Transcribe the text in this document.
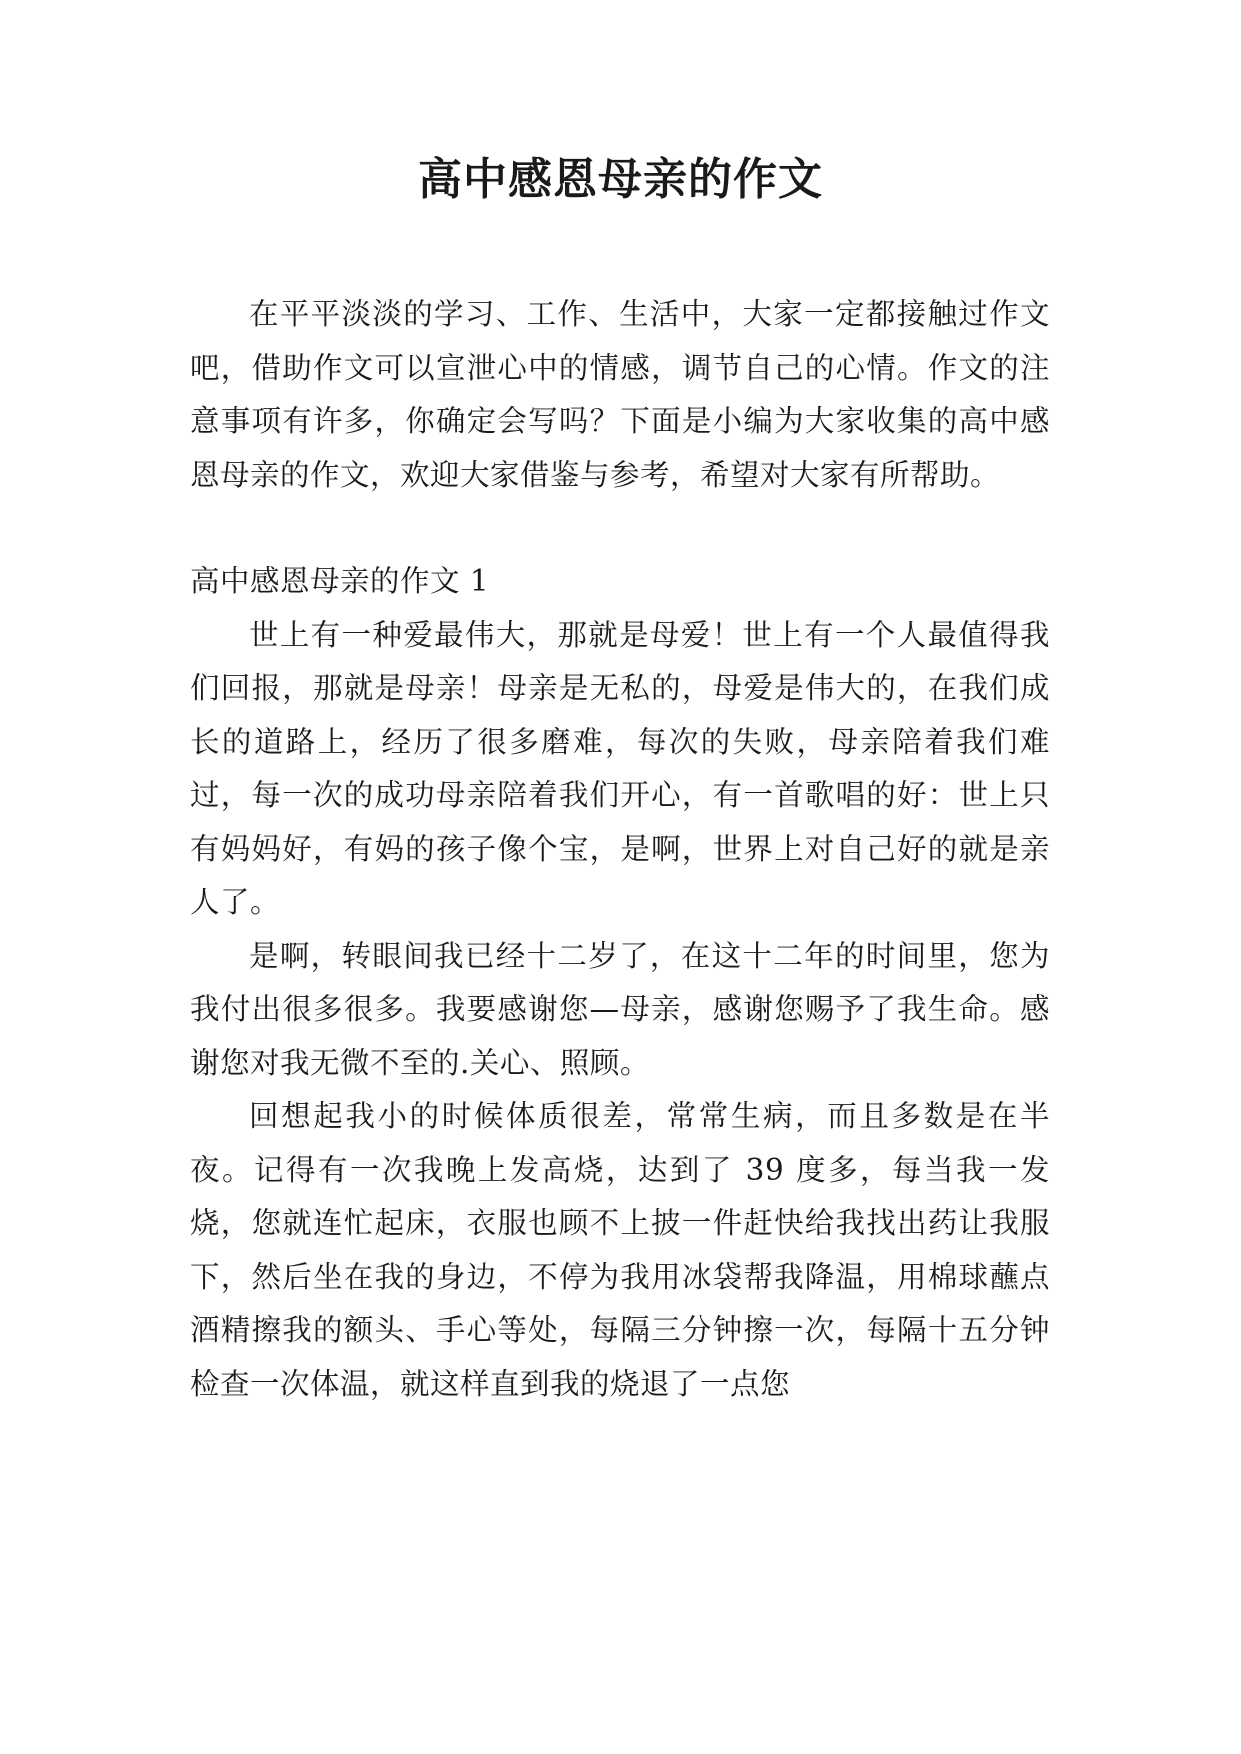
高中感恩母亲的作文

在平平淡淡的学习、工作、生活中，大家一定都接触过作文吧，借助作文可以宣泄心中的情感，调节自己的心情。作文的注意事项有许多，你确定会写吗？下面是小编为大家收集的高中感恩母亲的作文，欢迎大家借鉴与参考，希望对大家有所帮助。

高中感恩母亲的作文 1

世上有一种爱最伟大，那就是母爱！世上有一个人最值得我们回报，那就是母亲！母亲是无私的，母爱是伟大的，在我们成长的道路上，经历了很多磨难，每次的失败，母亲陪着我们难过，每一次的成功母亲陪着我们开心，有一首歌唱的好：世上只有妈妈好，有妈的孩子像个宝，是啊，世界上对自己好的就是亲人了。

是啊，转眼间我已经十二岁了，在这十二年的时间里，您为我付出很多很多。我要感谢您—母亲，感谢您赐予了我生命。感谢您对我无微不至的.关心、照顾。

回想起我小的时候体质很差，常常生病，而且多数是在半夜。记得有一次我晚上发高烧，达到了 39 度多，每当我一发烧，您就连忙起床，衣服也顾不上披一件赶快给我找出药让我服下，然后坐在我的身边，不停为我用冰袋帮我降温，用棉球蘸点酒精擦我的额头、手心等处，每隔三分钟擦一次，每隔十五分钟检查一次体温，就这样直到我的烧退了一点您
